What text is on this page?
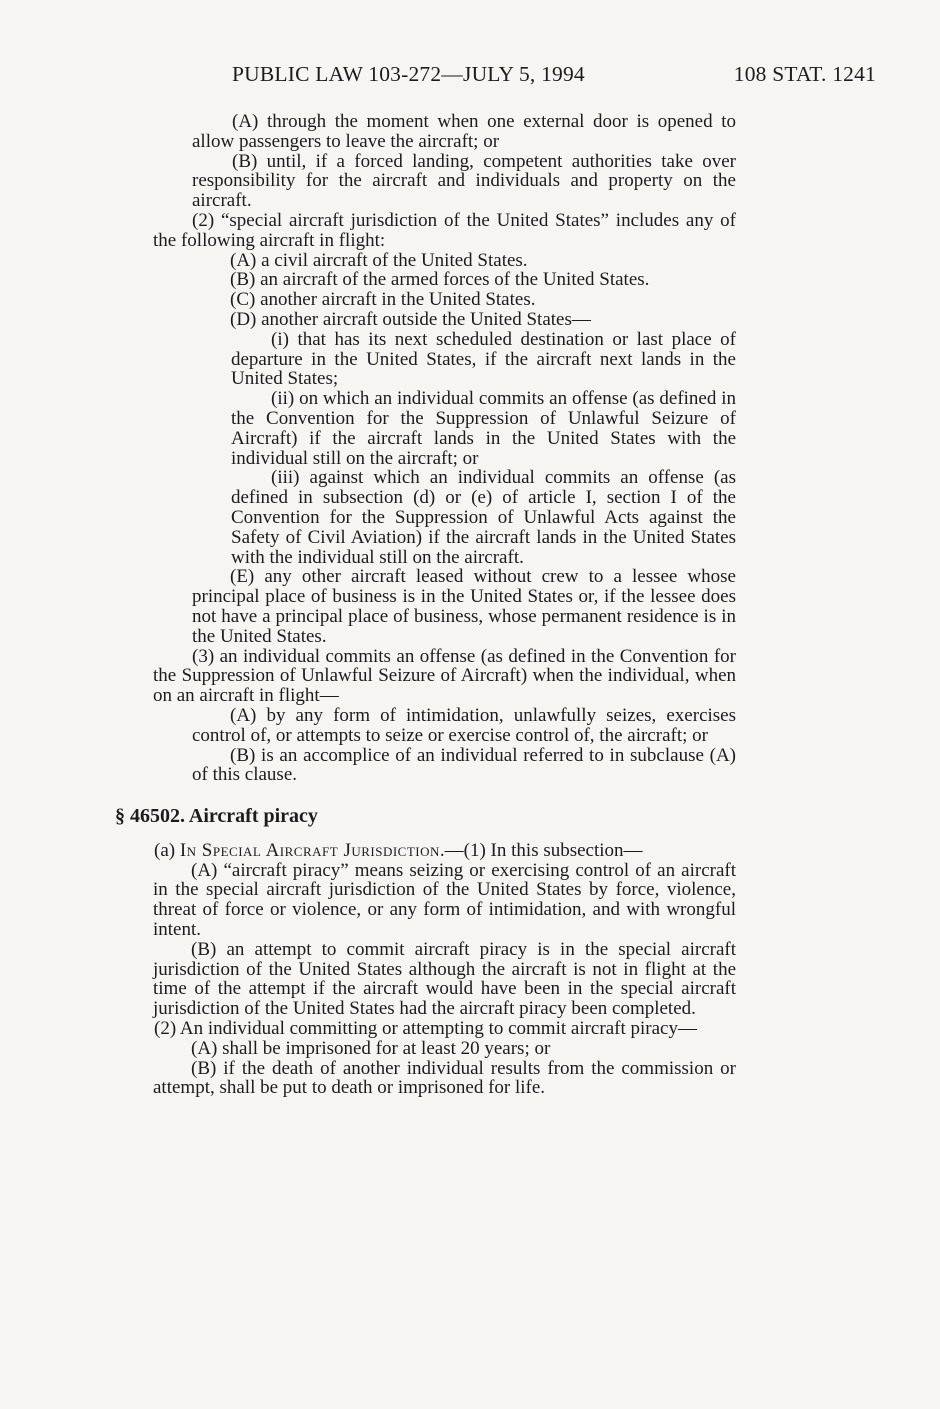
PUBLIC LAW 103-272—JULY 5, 1994	108 STAT. 1241

(A) through the moment when one external door is opened to allow passengers to leave the aircraft; or

(B) until, if a forced landing, competent authorities take over responsibility for the aircraft and individuals and property on the aircraft.

(2) “special aircraft jurisdiction of the United States” includes any of the following aircraft in flight:

(A) a civil aircraft of the United States.

(B) an aircraft of the armed forces of the United States.

(C) another aircraft in the United States.

(D) another aircraft outside the United States—

(i) that has its next scheduled destination or last place of departure in the United States, if the aircraft next lands in the United States;

(ii) on which an individual commits an offense (as defined in the Convention for the Suppression of Unlawful Seizure of Aircraft) if the aircraft lands in the United States with the individual still on the aircraft; or

(iii) against which an individual commits an offense (as defined in subsection (d) or (e) of article I, section I of the Convention for the Suppression of Unlawful Acts against the Safety of Civil Aviation) if the aircraft lands in the United States with the individual still on the aircraft.

(E) any other aircraft leased without crew to a lessee whose principal place of business is in the United States or, if the lessee does not have a principal place of business, whose permanent residence is in the United States.

(3) an individual commits an offense (as defined in the Convention for the Suppression of Unlawful Seizure of Aircraft) when the individual, when on an aircraft in flight—

(A) by any form of intimidation, unlawfully seizes, exercises control of, or attempts to seize or exercise control of, the aircraft; or

(B) is an accomplice of an individual referred to in subclause (A) of this clause.

§ 46502. Aircraft piracy

(a) In Special Aircraft Jurisdiction.—(1) In this subsection—

(A) “aircraft piracy” means seizing or exercising control of an aircraft in the special aircraft jurisdiction of the United States by force, violence, threat of force or violence, or any form of intimidation, and with wrongful intent.

(B) an attempt to commit aircraft piracy is in the special aircraft jurisdiction of the United States although the aircraft is not in flight at the time of the attempt if the aircraft would have been in the special aircraft jurisdiction of the United States had the aircraft piracy been completed.

(2) An individual committing or attempting to commit aircraft piracy—

(A) shall be imprisoned for at least 20 years; or

(B) if the death of another individual results from the commission or attempt, shall be put to death or imprisoned for life.
